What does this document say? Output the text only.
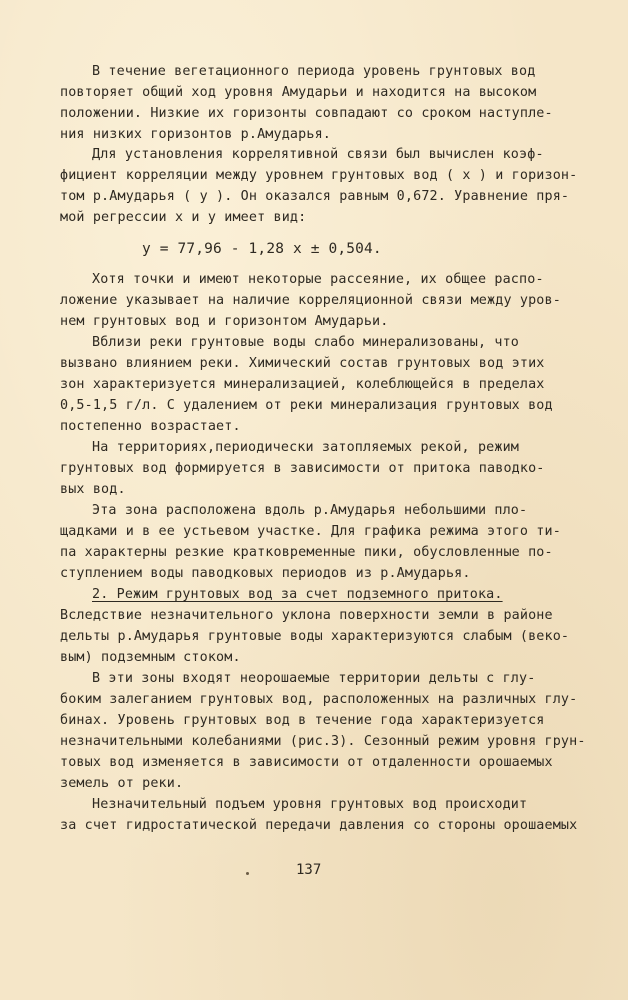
В течение вегетационного периода уровень грунтовых вод
повторяет общий ход уровня Амударьи и находится на высоком
положении. Низкие их горизонты совпадают со сроком наступле-
ния низких горизонтов р.Амударья.
Для установления коррелятивной связи был вычислен коэф-
фициент корреляции между уровнем грунтовых вод ( х ) и горизон-
том р.Амударья ( у ). Он оказался равным 0,672. Уравнение пря-
мой регрессии х и у имеет вид:
у = 77,96 - 1,28 х ± 0,504.
Хотя точки и имеют некоторые рассеяние, их общее распо-
ложение указывает на наличие корреляционной связи между уров-
нем грунтовых вод и горизонтом Амударьи.
Вблизи реки грунтовые воды слабо минерализованы, что
вызвано влиянием реки. Химический состав грунтовых вод этих
зон характеризуется минерализацией, колеблющейся в пределах
0,5-1,5 г/л. С удалением от реки минерализация грунтовых вод
постепенно возрастает.
На территориях,периодически затопляемых рекой, режим
грунтовых вод формируется в зависимости от притока паводко-
вых вод.
Эта зона расположена вдоль р.Амударья небольшими пло-
щадками и в ее устьевом участке. Для графика режима этого ти-
па характерны резкие кратковременные пики, обусловленные по-
ступлением воды паводковых периодов из р.Амударья.
2. Режим грунтовых вод за счет подземного притока.
Вследствие незначительного уклона поверхности земли в районе
дельты р.Амударья грунтовые воды характеризуются слабым (веко-
вым) подземным стоком.
В эти зоны входят неорошаемые территории дельты с глу-
боким залеганием грунтовых вод, расположенных на различных глу-
бинах. Уровень грунтовых вод в течение года характеризуется
незначительными колебаниями (рис.3). Сезонный режим уровня грун-
товых вод изменяется в зависимости от отдаленности орошаемых
земель от реки.
Незначительный подъем уровня грунтовых вод происходит
за счет гидростатической передачи давления со стороны орошаемых
137
